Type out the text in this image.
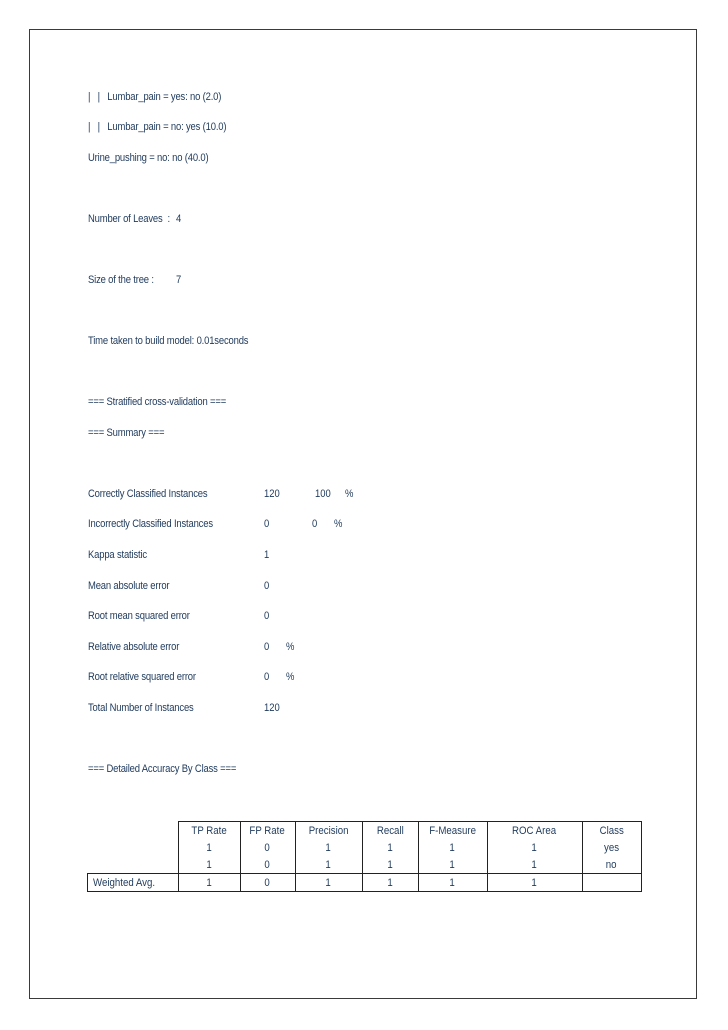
|   |   Lumbar_pain = yes: no (2.0)
|   |   Lumbar_pain = no: yes (10.0)
Urine_pushing = no: no (40.0)
Number of Leaves  : 4
Size of the tree : 7
Time taken to build model: 0.01seconds
=== Stratified cross-validation ===
=== Summary ===
Correctly Classified Instances	120	100 %
Incorrectly Classified Instances	0	0 %
Kappa statistic	1
Mean absolute error	0
Root mean squared error	0
Relative absolute error	0 %
Root relative squared error	0 %
Total Number of Instances	120
=== Detailed Accuracy By Class ===
	TP Rate	FP Rate	Precision	Recall	F-Measure	ROC Area	Class
	1	0	1	1	1	1	yes
	1	0	1	1	1	1	no
Weighted Avg.	1	0	1	1	1	1	
